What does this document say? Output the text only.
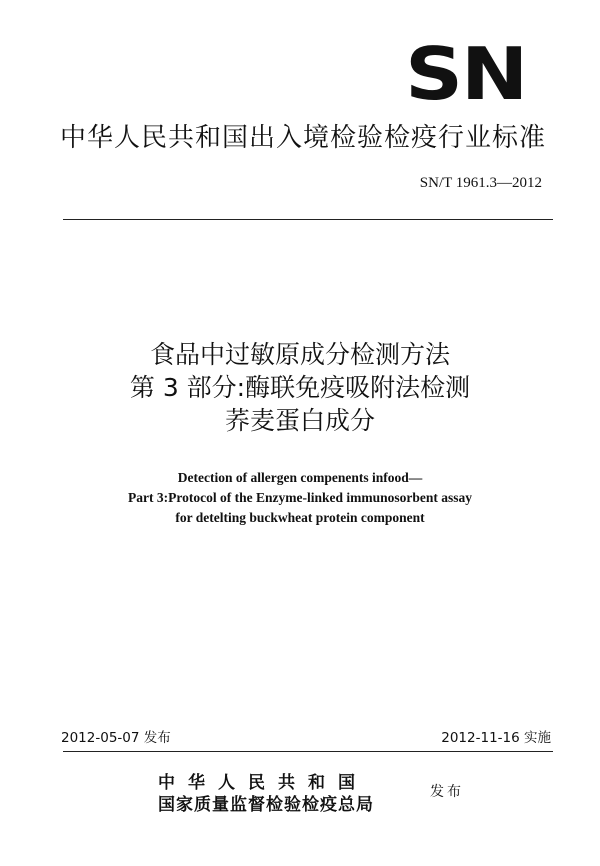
SN
中华人民共和国出入境检验检疫行业标准
SN/T 1961.3—2012
食品中过敏原成分检测方法
第 3 部分:酶联免疫吸附法检测
荞麦蛋白成分
Detection of allergen compenents infood—
Part 3:Protocol of the Enzyme-linked immunosorbent assay
for detelting buckwheat protein component
2012-05-07 发布	2012-11-16 实施
中华人民共和国
国家质量监督检验检疫总局
发布
